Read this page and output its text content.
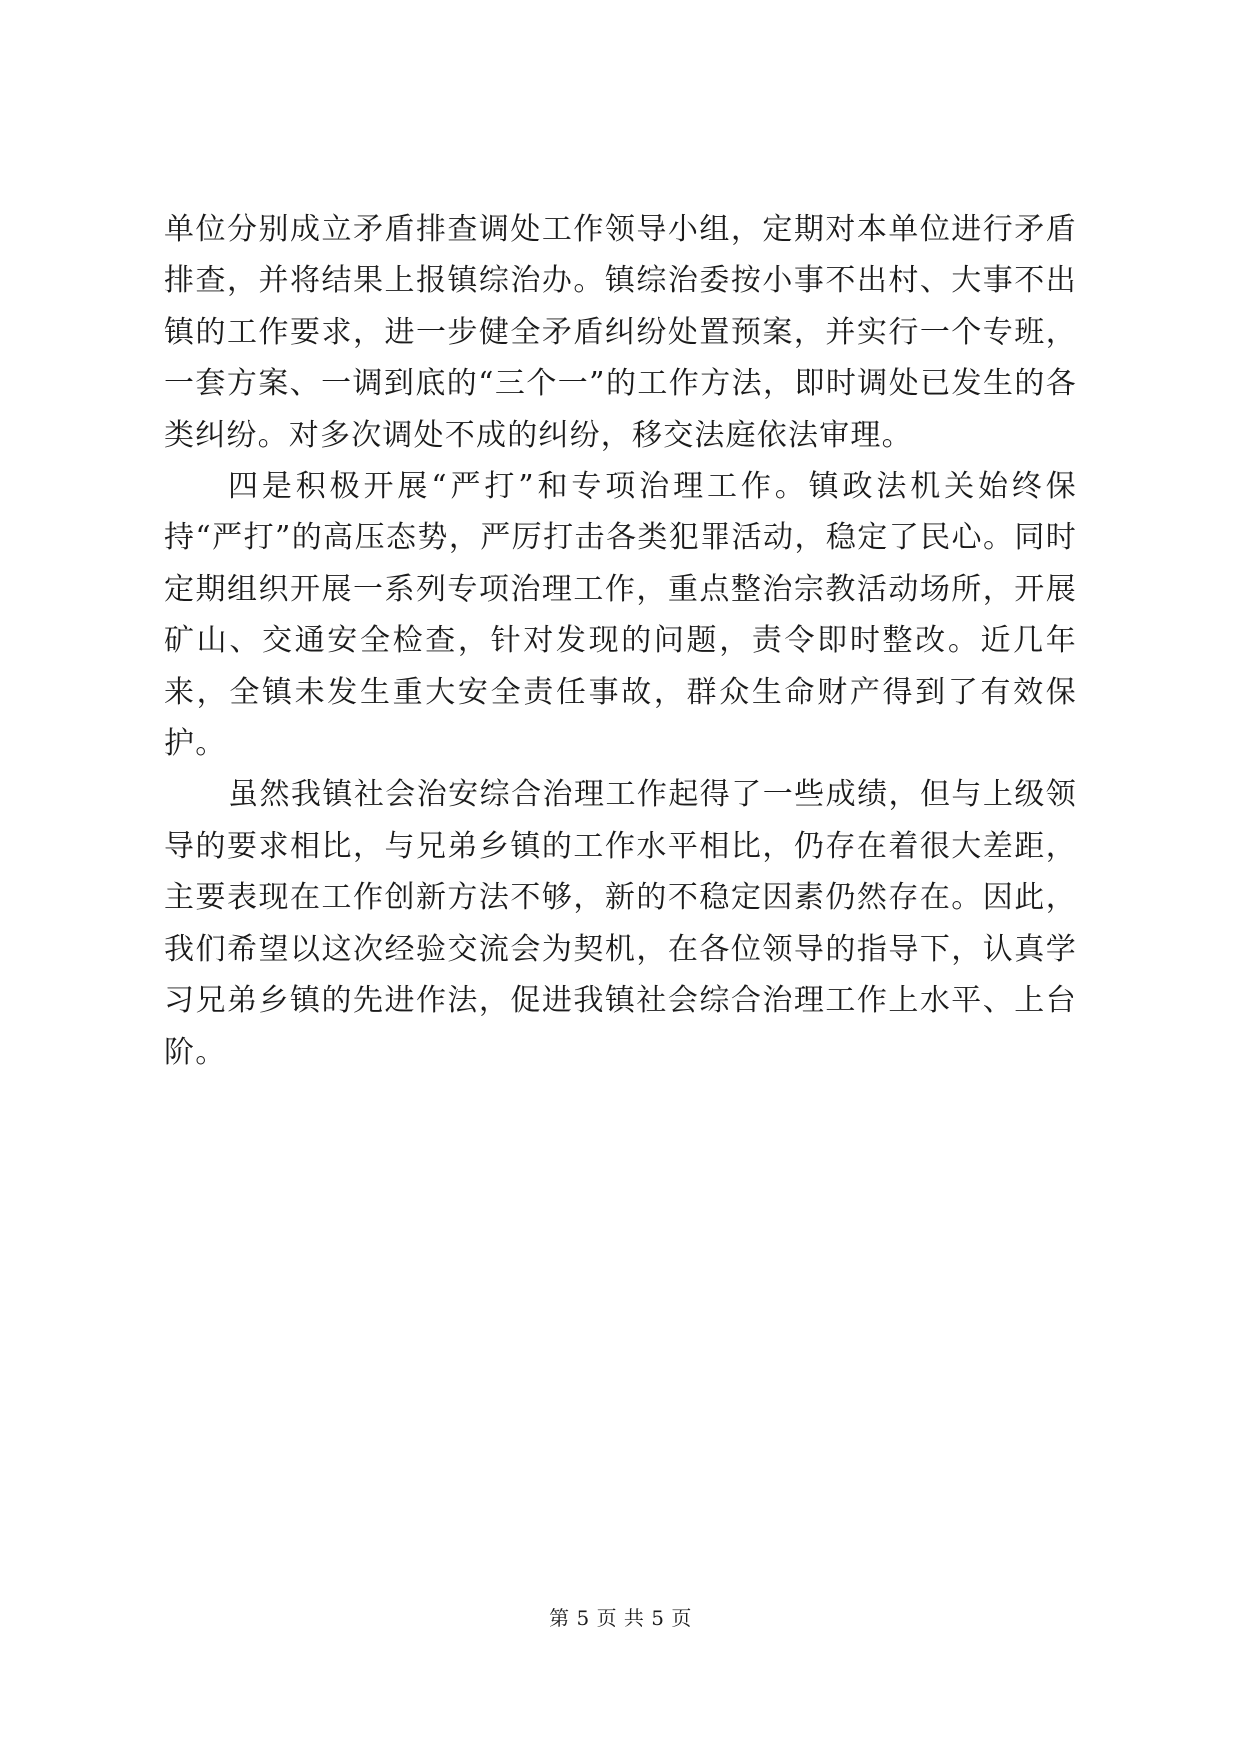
单位分别成立矛盾排查调处工作领导小组，定期对本单位进行矛盾排查，并将结果上报镇综治办。镇综治委按小事不出村、大事不出镇的工作要求，进一步健全矛盾纠纷处置预案，并实行一个专班，一套方案、一调到底的“三个一”的工作方法，即时调处已发生的各类纠纷。对多次调处不成的纠纷，移交法庭依法审理。

四是积极开展“严打”和专项治理工作。镇政法机关始终保持“严打”的高压态势，严厉打击各类犯罪活动，稳定了民心。同时定期组织开展一系列专项治理工作，重点整治宗教活动场所，开展矿山、交通安全检查，针对发现的问题，责令即时整改。近几年来，全镇未发生重大安全责任事故，群众生命财产得到了有效保护。

虽然我镇社会治安综合治理工作起得了一些成绩，但与上级领导的要求相比，与兄弟乡镇的工作水平相比，仍存在着很大差距，主要表现在工作创新方法不够，新的不稳定因素仍然存在。因此，我们希望以这次经验交流会为契机，在各位领导的指导下，认真学习兄弟乡镇的先进作法，促进我镇社会综合治理工作上水平、上台阶。

第 5 页 共 5 页
